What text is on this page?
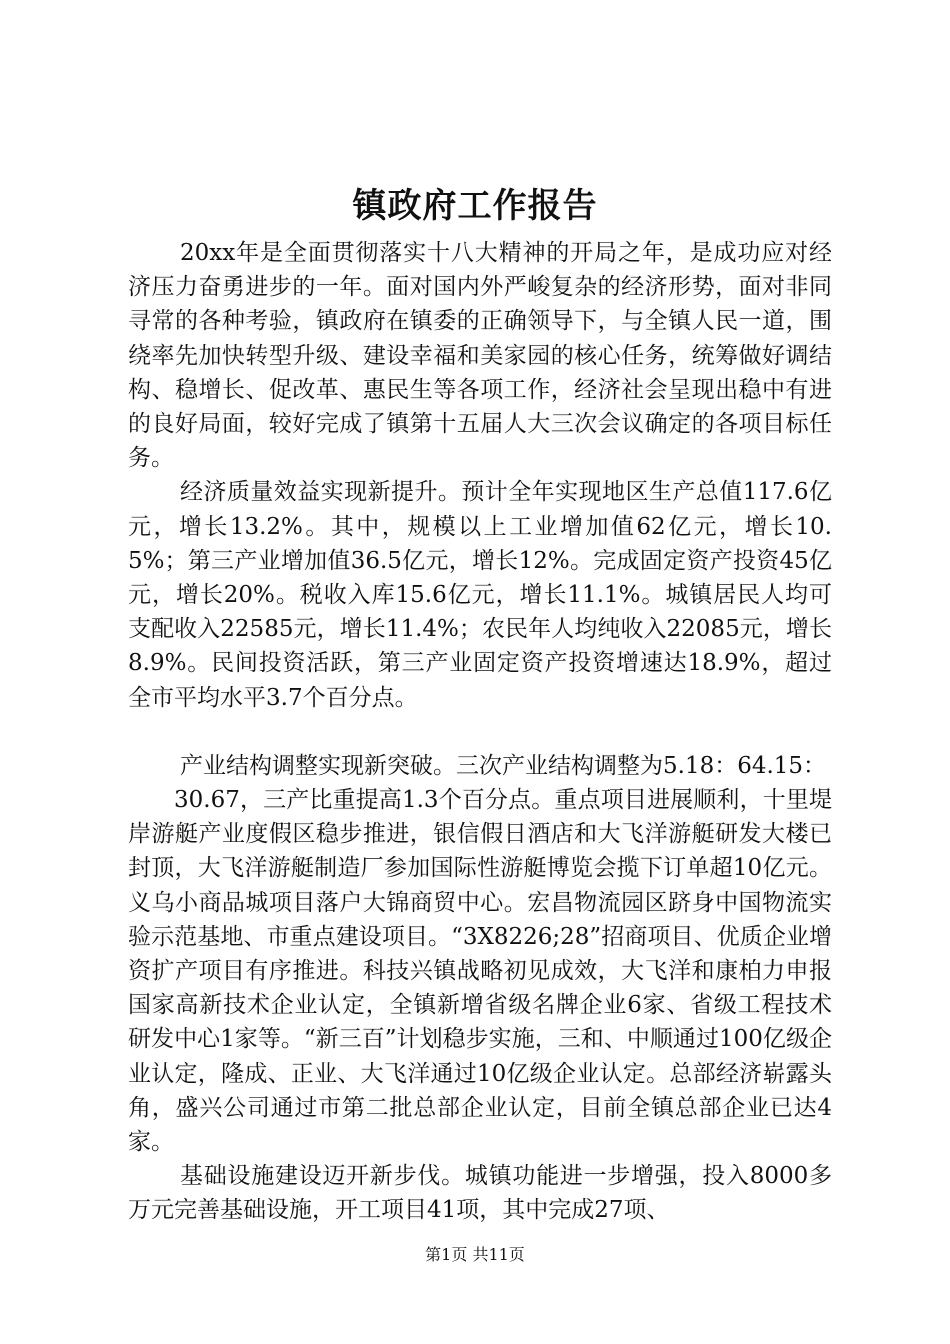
镇政府工作报告

20xx年是全面贯彻落实十八大精神的开局之年，是成功应对经济压力奋勇进步的一年。面对国内外严峻复杂的经济形势，面对非同寻常的各种考验，镇政府在镇委的正确领导下，与全镇人民一道，围绕率先加快转型升级、建设幸福和美家园的核心任务，统筹做好调结构、稳增长、促改革、惠民生等各项工作，经济社会呈现出稳中有进的良好局面，较好完成了镇第十五届人大三次会议确定的各项目标任务。

经济质量效益实现新提升。预计全年实现地区生产总值117.6亿元，增长13.2%。其中，规模以上工业增加值62亿元，增长10.5%；第三产业增加值36.5亿元，增长12%。完成固定资产投资45亿元，增长20%。税收入库15.6亿元，增长11.1%。城镇居民人均可支配收入22585元，增长11.4%；农民年人均纯收入22085元，增长8.9%。民间投资活跃，第三产业固定资产投资增速达18.9%，超过全市平均水平3.7个百分点。

产业结构调整实现新突破。三次产业结构调整为5.18：64.15：

30.67，三产比重提高1.3个百分点。重点项目进展顺利，十里堤岸游艇产业度假区稳步推进，银信假日酒店和大飞洋游艇研发大楼已封顶，大飞洋游艇制造厂参加国际性游艇博览会揽下订单超10亿元。义乌小商品城项目落户大锦商贸中心。宏昌物流园区跻身中国物流实验示范基地、市重点建设项目。“3X8226;28”招商项目、优质企业增资扩产项目有序推进。科技兴镇战略初见成效，大飞洋和康柏力申报国家高新技术企业认定，全镇新增省级名牌企业6家、省级工程技术研发中心1家等。“新三百”计划稳步实施，三和、中顺通过100亿级企业认定，隆成、正业、大飞洋通过10亿级企业认定。总部经济崭露头角，盛兴公司通过市第二批总部企业认定，目前全镇总部企业已达4家。

基础设施建设迈开新步伐。城镇功能进一步增强，投入8000多万元完善基础设施，开工项目41项，其中完成27项、

第1页 共11页
